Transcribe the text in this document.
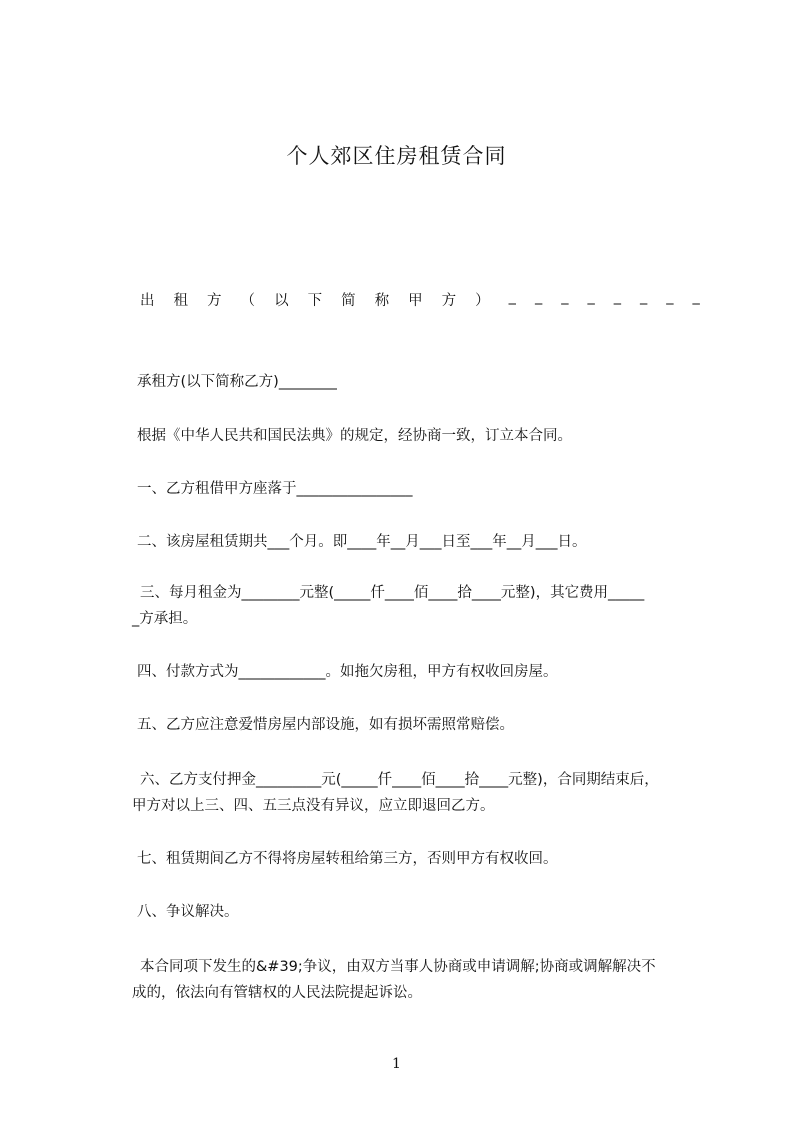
个人郊区住房租赁合同
出 租 方 （ 以 下 简 称 甲 方 ） _ _ _ _ _ _ _ _
承租方(以下简称乙方)________
根据《中华人民共和国民法典》的规定，经协商一致，订立本合同。
一、乙方租借甲方座落于________________
二、该房屋租赁期共___个月。即____年__月___日至___年__月___日。
三、每月租金为________元整(_____仟____佰____拾____元整)，其它费用_____
_方承担。
四、付款方式为____________。如拖欠房租，甲方有权收回房屋。
五、乙方应注意爱惜房屋内部设施，如有损坏需照常赔偿。
六、乙方支付押金_________元(_____仟____佰____拾____元整)，合同期结束后，
甲方对以上三、四、五三点没有异议，应立即退回乙方。
七、租赁期间乙方不得将房屋转租给第三方，否则甲方有权收回。
八、争议解决。
本合同项下发生的&#39;争议，由双方当事人协商或申请调解;协商或调解解决不
成的，依法向有管辖权的人民法院提起诉讼。
1
